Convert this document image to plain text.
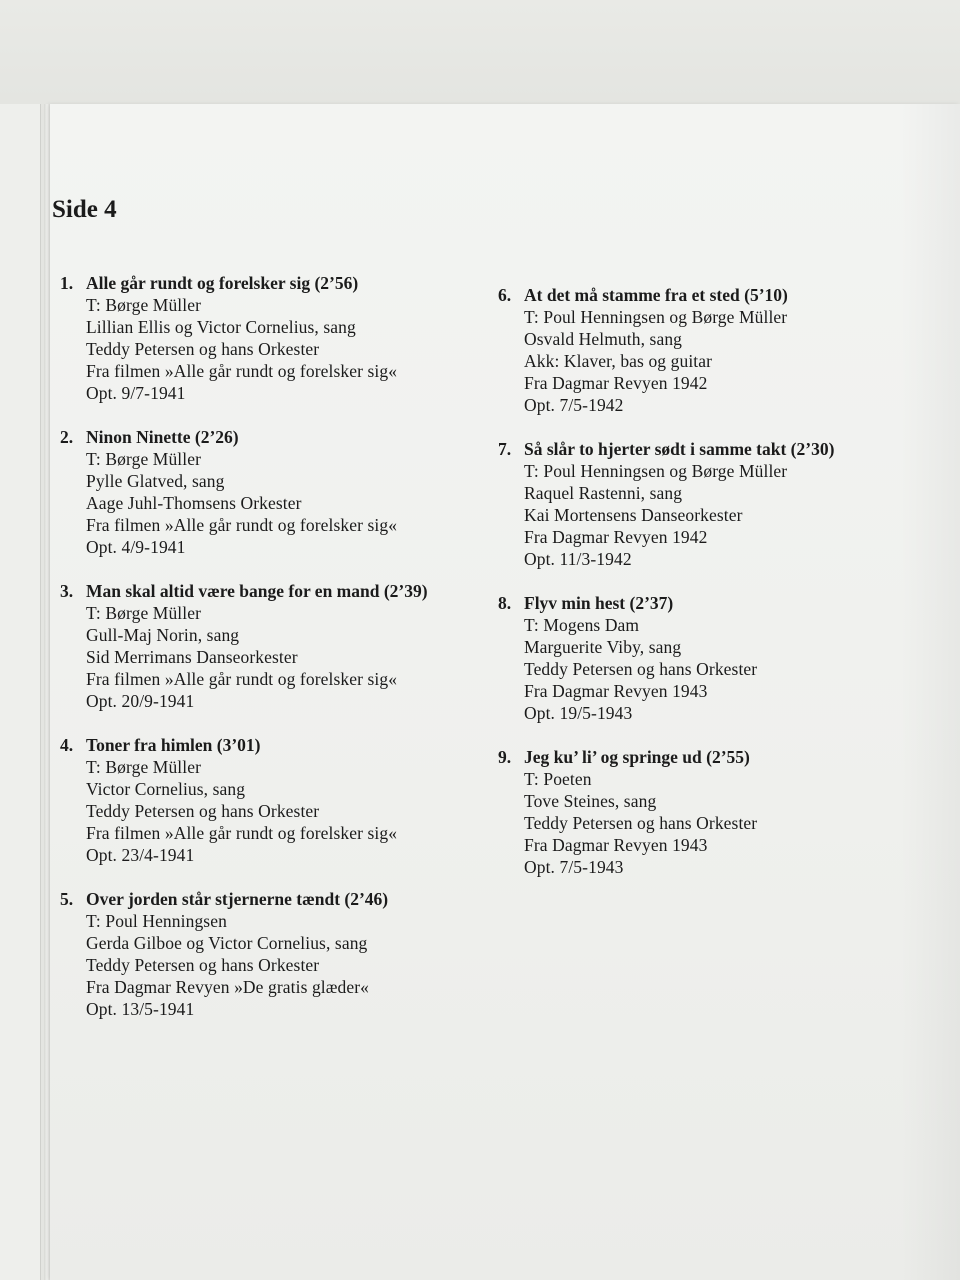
Side 4
1. Alle går rundt og forelsker sig (2’56)
T: Børge Müller
Lillian Ellis og Victor Cornelius, sang
Teddy Petersen og hans Orkester
Fra filmen »Alle går rundt og forelsker sig«
Opt. 9/7-1941
2. Ninon Ninette (2’26)
T: Børge Müller
Pylle Glatved, sang
Aage Juhl-Thomsens Orkester
Fra filmen »Alle går rundt og forelsker sig«
Opt. 4/9-1941
3. Man skal altid være bange for en mand (2’39)
T: Børge Müller
Gull-Maj Norin, sang
Sid Merrimans Danseorkester
Fra filmen »Alle går rundt og forelsker sig«
Opt. 20/9-1941
4. Toner fra himlen (3’01)
T: Børge Müller
Victor Cornelius, sang
Teddy Petersen og hans Orkester
Fra filmen »Alle går rundt og forelsker sig«
Opt. 23/4-1941
5. Over jorden står stjernerne tændt (2’46)
T: Poul Henningsen
Gerda Gilboe og Victor Cornelius, sang
Teddy Petersen og hans Orkester
Fra Dagmar Revyen »De gratis glæder«
Opt. 13/5-1941
6. At det må stamme fra et sted (5’10)
T: Poul Henningsen og Børge Müller
Osvald Helmuth, sang
Akk: Klaver, bas og guitar
Fra Dagmar Revyen 1942
Opt. 7/5-1942
7. Så slår to hjerter sødt i samme takt (2’30)
T: Poul Henningsen og Børge Müller
Raquel Rastenni, sang
Kai Mortensens Danseorkester
Fra Dagmar Revyen 1942
Opt. 11/3-1942
8. Flyv min hest (2’37)
T: Mogens Dam
Marguerite Viby, sang
Teddy Petersen og hans Orkester
Fra Dagmar Revyen 1943
Opt. 19/5-1943
9. Jeg ku’ li’ og springe ud (2’55)
T: Poeten
Tove Steines, sang
Teddy Petersen og hans Orkester
Fra Dagmar Revyen 1943
Opt. 7/5-1943
